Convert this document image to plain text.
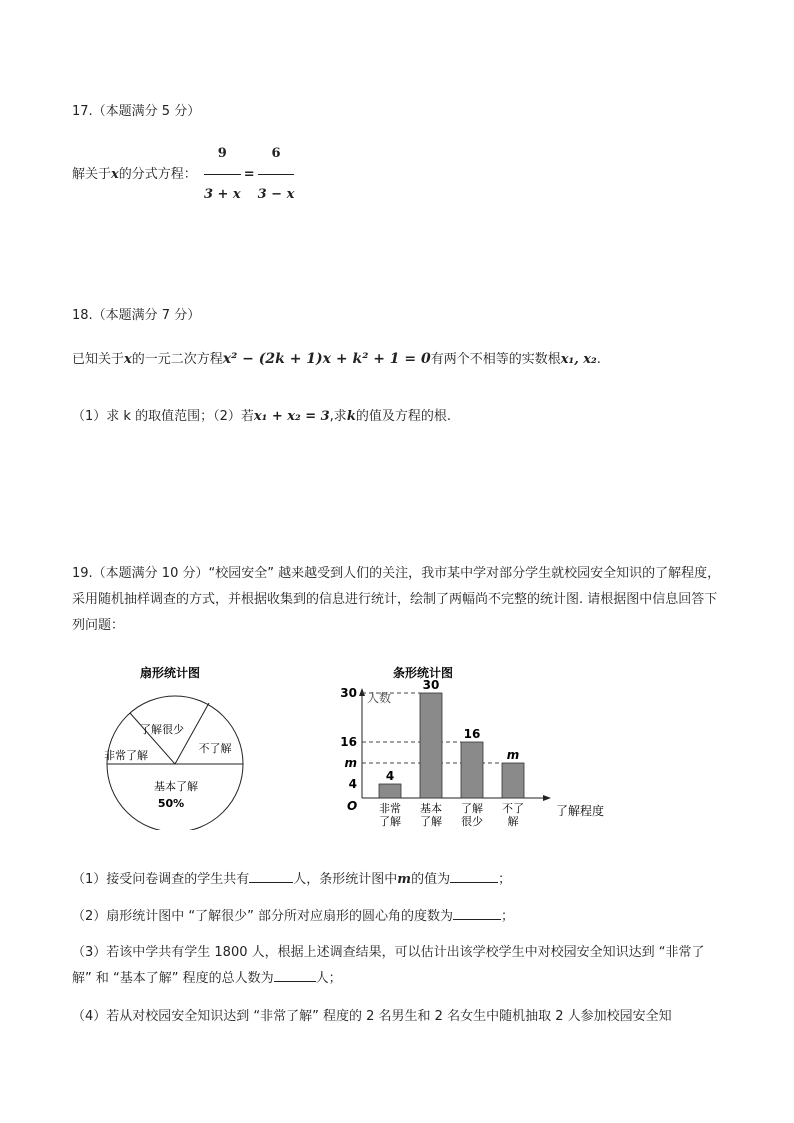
17.（本题满分 5 分）
解关于x的分式方程： $\frac{9}{3 + x} = \frac{6}{3 - x}$
18.（本题满分 7 分）
已知关于x的一元二次方程x² − (2k + 1)x + k² + 1 = 0有两个不相等的实数根x₁, x₂.
（1）求 k 的取值范围；（2）若x₁ + x₂ = 3,求k的值及方程的根.
19.（本题满分 10 分）“校园安全” 越来越受到人们的关注，我市某中学对部分学生就校园安全知识的了解程度，采用随机抽样调查的方式，并根据收集到的信息进行统计，绘制了两幅尚不完整的统计图. 请根据图中信息回答下列问题：
扇形统计图
了解很少
不了解
非常了解
基本了解
50%
条形统计图
人数
了解程度
O
30
16
m
4
4
非常
了解
30
基本
了解
16
了解
很少
m
不了
解
（1）接受问卷调查的学生共有	人，条形统计图中m的值为	；
（2）扇形统计图中 “了解很少” 部分所对应扇形的圆心角的度数为	；
（3）若该中学共有学生 1800 人，根据上述调查结果，可以估计出该学校学生中对校园安全知识达到 “非常了解” 和 “基本了解” 程度的总人数为	人；
（4）若从对校园安全知识达到 “非常了解” 程度的 2 名男生和 2 名女生中随机抽取 2 人参加校园安全知
